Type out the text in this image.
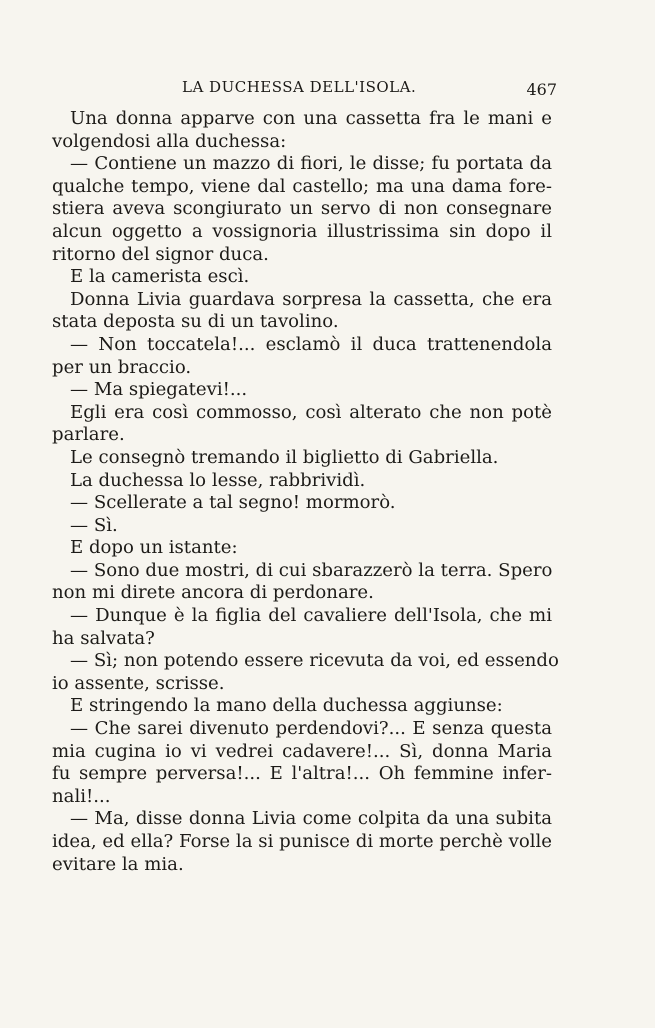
LA DUCHESSA DELL'ISOLA.	467
Una donna apparve con una cassetta fra le mani e
volgendosi alla duchessa:
— Contiene un mazzo di fiori, le disse; fu portata da
qualche tempo, viene dal castello; ma una dama fore-
stiera aveva scongiurato un servo di non consegnare
alcun oggetto a vossignoria illustrissima sin dopo il
ritorno del signor duca.
E la camerista escì.
Donna Livia guardava sorpresa la cassetta, che era
stata deposta su di un tavolino.
— Non toccatela!... esclamò il duca trattenendola
per un braccio.
— Ma spiegatevi!...
Egli era così commosso, così alterato che non potè
parlare.
Le consegnò tremando il biglietto di Gabriella.
La duchessa lo lesse, rabbrividì.
— Scellerate a tal segno! mormorò.
— Sì.
E dopo un istante:
— Sono due mostri, di cui sbarazzerò la terra. Spero
non mi direte ancora di perdonare.
— Dunque è la figlia del cavaliere dell'Isola, che mi
ha salvata?
— Sì; non potendo essere ricevuta da voi, ed essendo
io assente, scrisse.
E stringendo la mano della duchessa aggiunse:
— Che sarei divenuto perdendovi?... E senza questa
mia cugina io vi vedrei cadavere!... Sì, donna Maria
fu sempre perversa!... E l'altra!... Oh femmine infer-
nali!...
— Ma, disse donna Livia come colpita da una subita
idea, ed ella? Forse la si punisce di morte perchè volle
evitare la mia.
